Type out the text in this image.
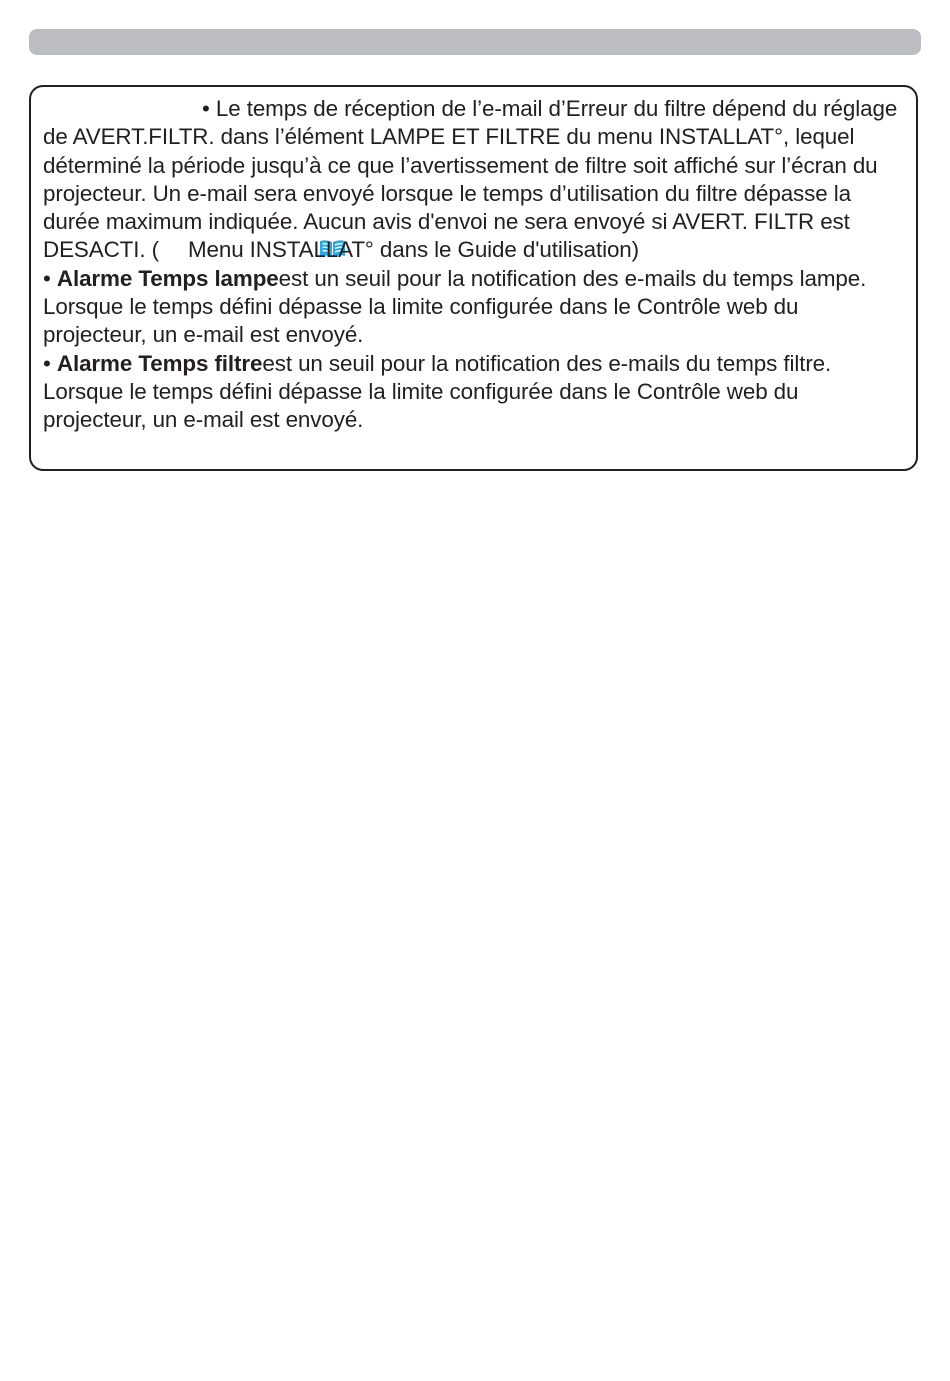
• Le temps de réception de l’e-mail d’Erreur du filtre dépend du réglage de AVERT.FILTR. dans l’élément LAMPE ET FILTRE du menu INSTALLAT°, lequel déterminé la période jusqu’à ce que l’avertissement de filtre soit affiché sur l’écran du projecteur. Un e-mail sera envoyé lorsque le temps d’utilisation du filtre dépasse la durée maximum indiquée. Aucun avis d'envoi ne sera envoyé si AVERT. FILTR est DESACTI. ( Menu INSTALLAT° dans le Guide d'utilisation)

• Alarme Temps lampeest un seuil pour la notification des e-mails du temps lampe. Lorsque le temps défini dépasse la limite configurée dans le Contrôle web du projecteur, un e-mail est envoyé.

• Alarme Temps filtreest un seuil pour la notification des e-mails du temps filtre. Lorsque le temps défini dépasse la limite configurée dans le Contrôle web du projecteur, un e-mail est envoyé.
